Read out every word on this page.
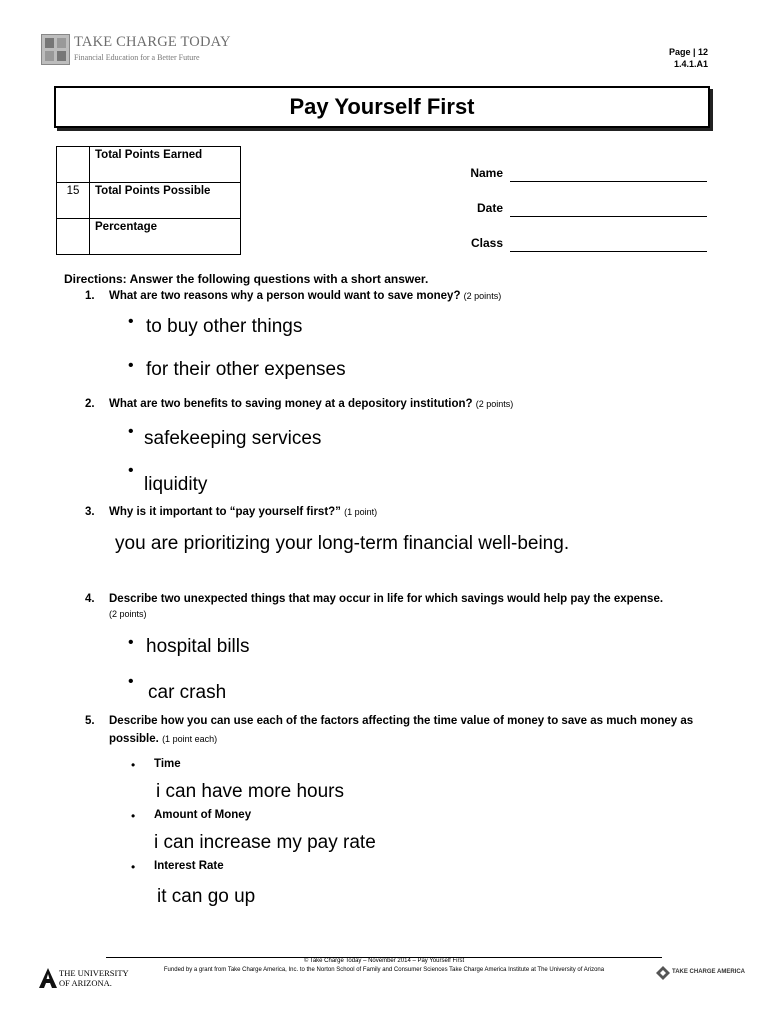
TAKE CHARGE TODAY
Financial Education for a Better Future
Page | 12
1.4.1.A1
Pay Yourself First
	Total Points Earned
15	Total Points Possible
	Percentage
Name
Date
Class
Directions: Answer the following questions with a short answer.
1. What are two reasons why a person would want to save money? (2 points)
• to buy other things
• for their other expenses
2. What are two benefits to saving money at a depository institution? (2 points)
• safekeeping services
•
liquidity
3. Why is it important to “pay yourself first?” (1 point)
you are prioritizing your long-term financial well-being.
4. Describe two unexpected things that may occur in life for which savings would help pay the expense.
(2 points)
• hospital bills
•
car crash
5. Describe how you can use each of the factors affecting the time value of money to save as much money as
possible. (1 point each)
• Time
i can have more hours
• Amount of Money
i can increase my pay rate
• Interest Rate
it can go up
© Take Charge Today – November 2014 – Pay Yourself First
Funded by a grant from Take Charge America, Inc. to the Norton School of Family and Consumer Sciences Take Charge America Institute at The University of Arizona
THE UNIVERSITY
OF ARIZONA.
TAKE CHARGE AMERICA
